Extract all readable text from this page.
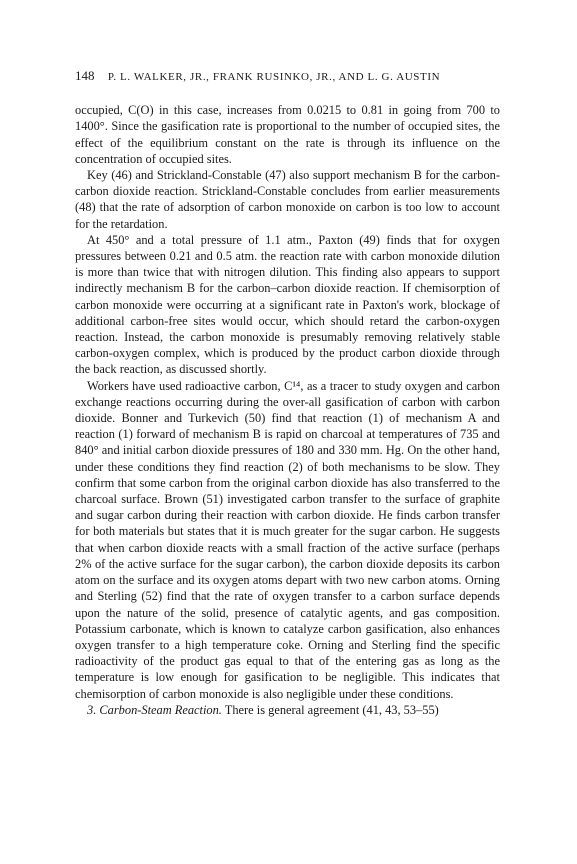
148 P. L. WALKER, JR., FRANK RUSINKO, JR., AND L. G. AUSTIN

occupied, C(O) in this case, increases from 0.0215 to 0.81 in going from 700 to 1400°. Since the gasification rate is proportional to the number of occupied sites, the effect of the equilibrium constant on the rate is through its influence on the concentration of occupied sites.

Key (46) and Strickland-Constable (47) also support mechanism B for the carbon-carbon dioxide reaction. Strickland-Constable concludes from earlier measurements (48) that the rate of adsorption of carbon monoxide on carbon is too low to account for the retardation.

At 450° and a total pressure of 1.1 atm., Paxton (49) finds that for oxygen pressures between 0.21 and 0.5 atm. the reaction rate with carbon monoxide dilution is more than twice that with nitrogen dilution. This finding also appears to support indirectly mechanism B for the carbon–carbon dioxide reaction. If chemisorption of carbon monoxide were occurring at a significant rate in Paxton's work, blockage of additional carbon-free sites would occur, which should retard the carbon-oxygen reaction. Instead, the carbon monoxide is presumably removing relatively stable carbon-oxygen complex, which is produced by the product carbon dioxide through the back reaction, as discussed shortly.

Workers have used radioactive carbon, C¹⁴, as a tracer to study oxygen and carbon exchange reactions occurring during the over-all gasification of carbon with carbon dioxide. Bonner and Turkevich (50) find that reaction (1) of mechanism A and reaction (1) forward of mechanism B is rapid on charcoal at temperatures of 735 and 840° and initial carbon dioxide pressures of 180 and 330 mm. Hg. On the other hand, under these conditions they find reaction (2) of both mechanisms to be slow. They confirm that some carbon from the original carbon dioxide has also transferred to the charcoal surface. Brown (51) investigated carbon transfer to the surface of graphite and sugar carbon during their reaction with carbon dioxide. He finds carbon transfer for both materials but states that it is much greater for the sugar carbon. He suggests that when carbon dioxide reacts with a small fraction of the active surface (perhaps 2% of the active surface for the sugar carbon), the carbon dioxide deposits its carbon atom on the surface and its oxygen atoms depart with two new carbon atoms. Orning and Sterling (52) find that the rate of oxygen transfer to a carbon surface depends upon the nature of the solid, presence of catalytic agents, and gas composition. Potassium carbonate, which is known to catalyze carbon gasification, also enhances oxygen transfer to a high temperature coke. Orning and Sterling find the specific radioactivity of the product gas equal to that of the entering gas as long as the temperature is low enough for gasification to be negligible. This indicates that chemisorption of carbon monoxide is also negligible under these conditions.

3. Carbon-Steam Reaction. There is general agreement (41, 43, 53–55)
